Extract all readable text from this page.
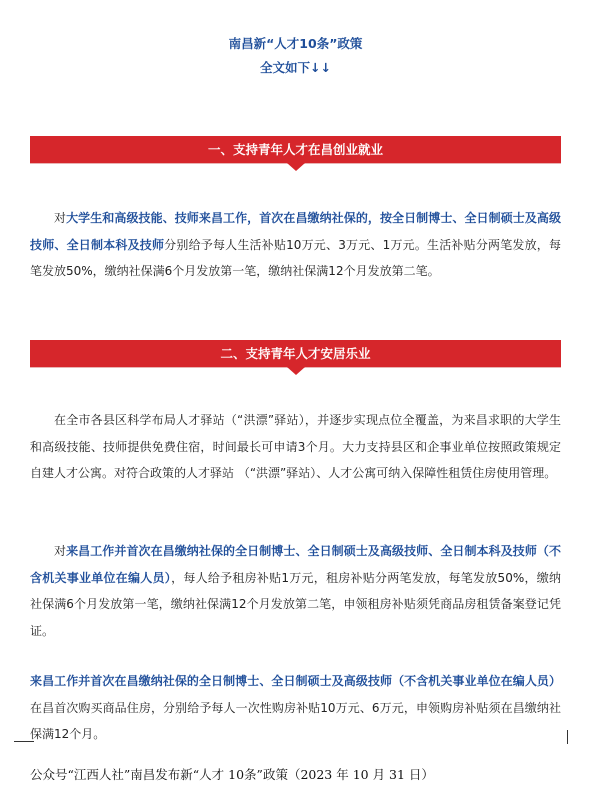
南昌新“人才10条”政策
全文如下↓↓
一、支持青年人才在昌创业就业
对大学生和高级技能、技师来昌工作，首次在昌缴纳社保的，按全日制博士、全日制硕士及高级技师、全日制本科及技师分别给予每人生活补贴10万元、3万元、1万元。生活补贴分两笔发放，每笔发放50%，缴纳社保满6个月发放第一笔，缴纳社保满12个月发放第二笔。
二、支持青年人才安居乐业
在全市各县区科学布局人才驿站（“洪漂”驿站），并逐步实现点位全覆盖，为来昌求职的大学生和高级技能、技师提供免费住宿，时间最长可申请3个月。大力支持县区和企事业单位按照政策规定自建人才公寓。对符合政策的人才驿站 （“洪漂”驿站）、人才公寓可纳入保障性租赁住房使用管理。
对来昌工作并首次在昌缴纳社保的全日制博士、全日制硕士及高级技师、全日制本科及技师（不含机关事业单位在编人员），每人给予租房补贴1万元，租房补贴分两笔发放，每笔发放50%，缴纳社保满6个月发放第一笔，缴纳社保满12个月发放第二笔，申领租房补贴须凭商品房租赁备案登记凭证。
来昌工作并首次在昌缴纳社保的全日制博士、全日制硕士及高级技师（不含机关事业单位在编人员）在昌首次购买商品住房，分别给予每人一次性购房补贴10万元、6万元，申领购房补贴须在昌缴纳社保满12个月。
公众号“江西人社”南昌发布新“人才 10条”政策（2023 年 10 月 31 日）
